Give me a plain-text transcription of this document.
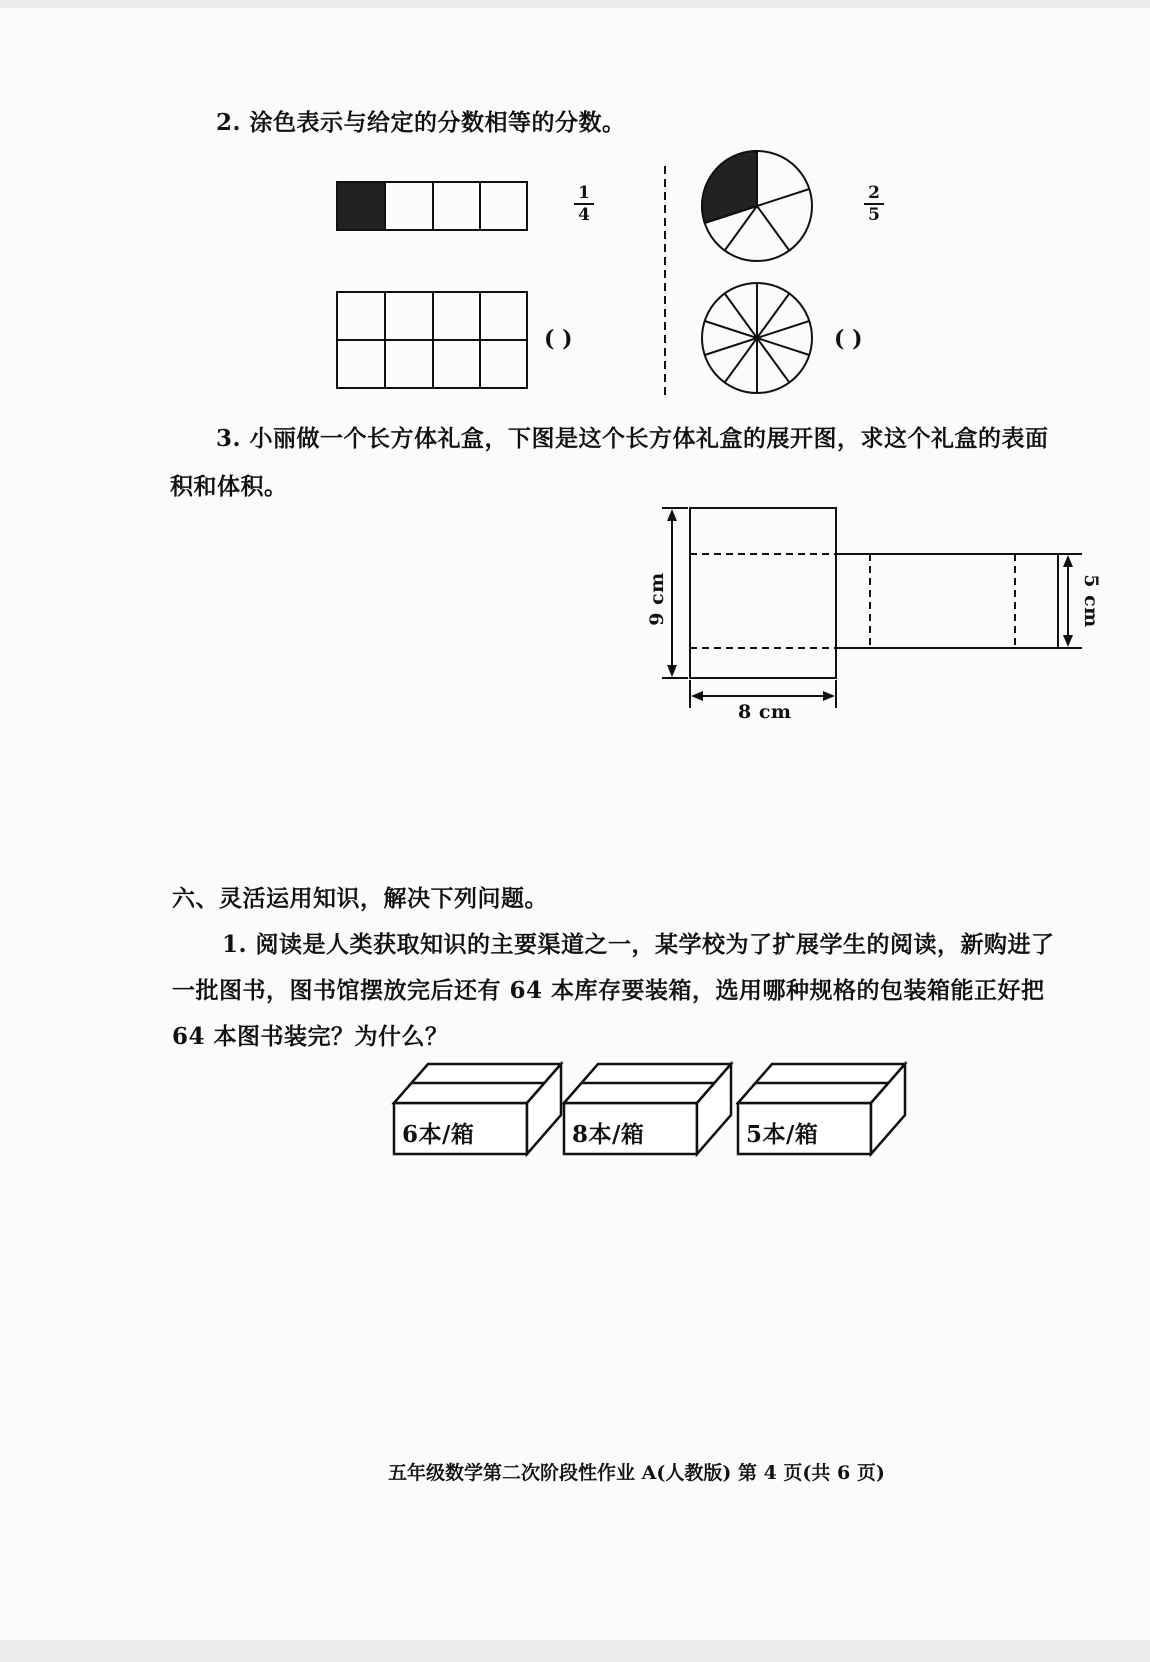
2. 涂色表示与给定的分数相等的分数。
1
4
2
5
( )	( )
3. 小丽做一个长方体礼盒，下图是这个长方体礼盒的展开图，求这个礼盒的表面
积和体积。
9 cm
8 cm
5 cm
六、灵活运用知识，解决下列问题。
1. 阅读是人类获取知识的主要渠道之一，某学校为了扩展学生的阅读，新购进了
一批图书，图书馆摆放完后还有 64 本库存要装箱，选用哪种规格的包装箱能正好把
64 本图书装完？为什么？
6本/箱	8本/箱	5本/箱
五年级数学第二次阶段性作业 A(人教版) 第 4 页(共 6 页)
